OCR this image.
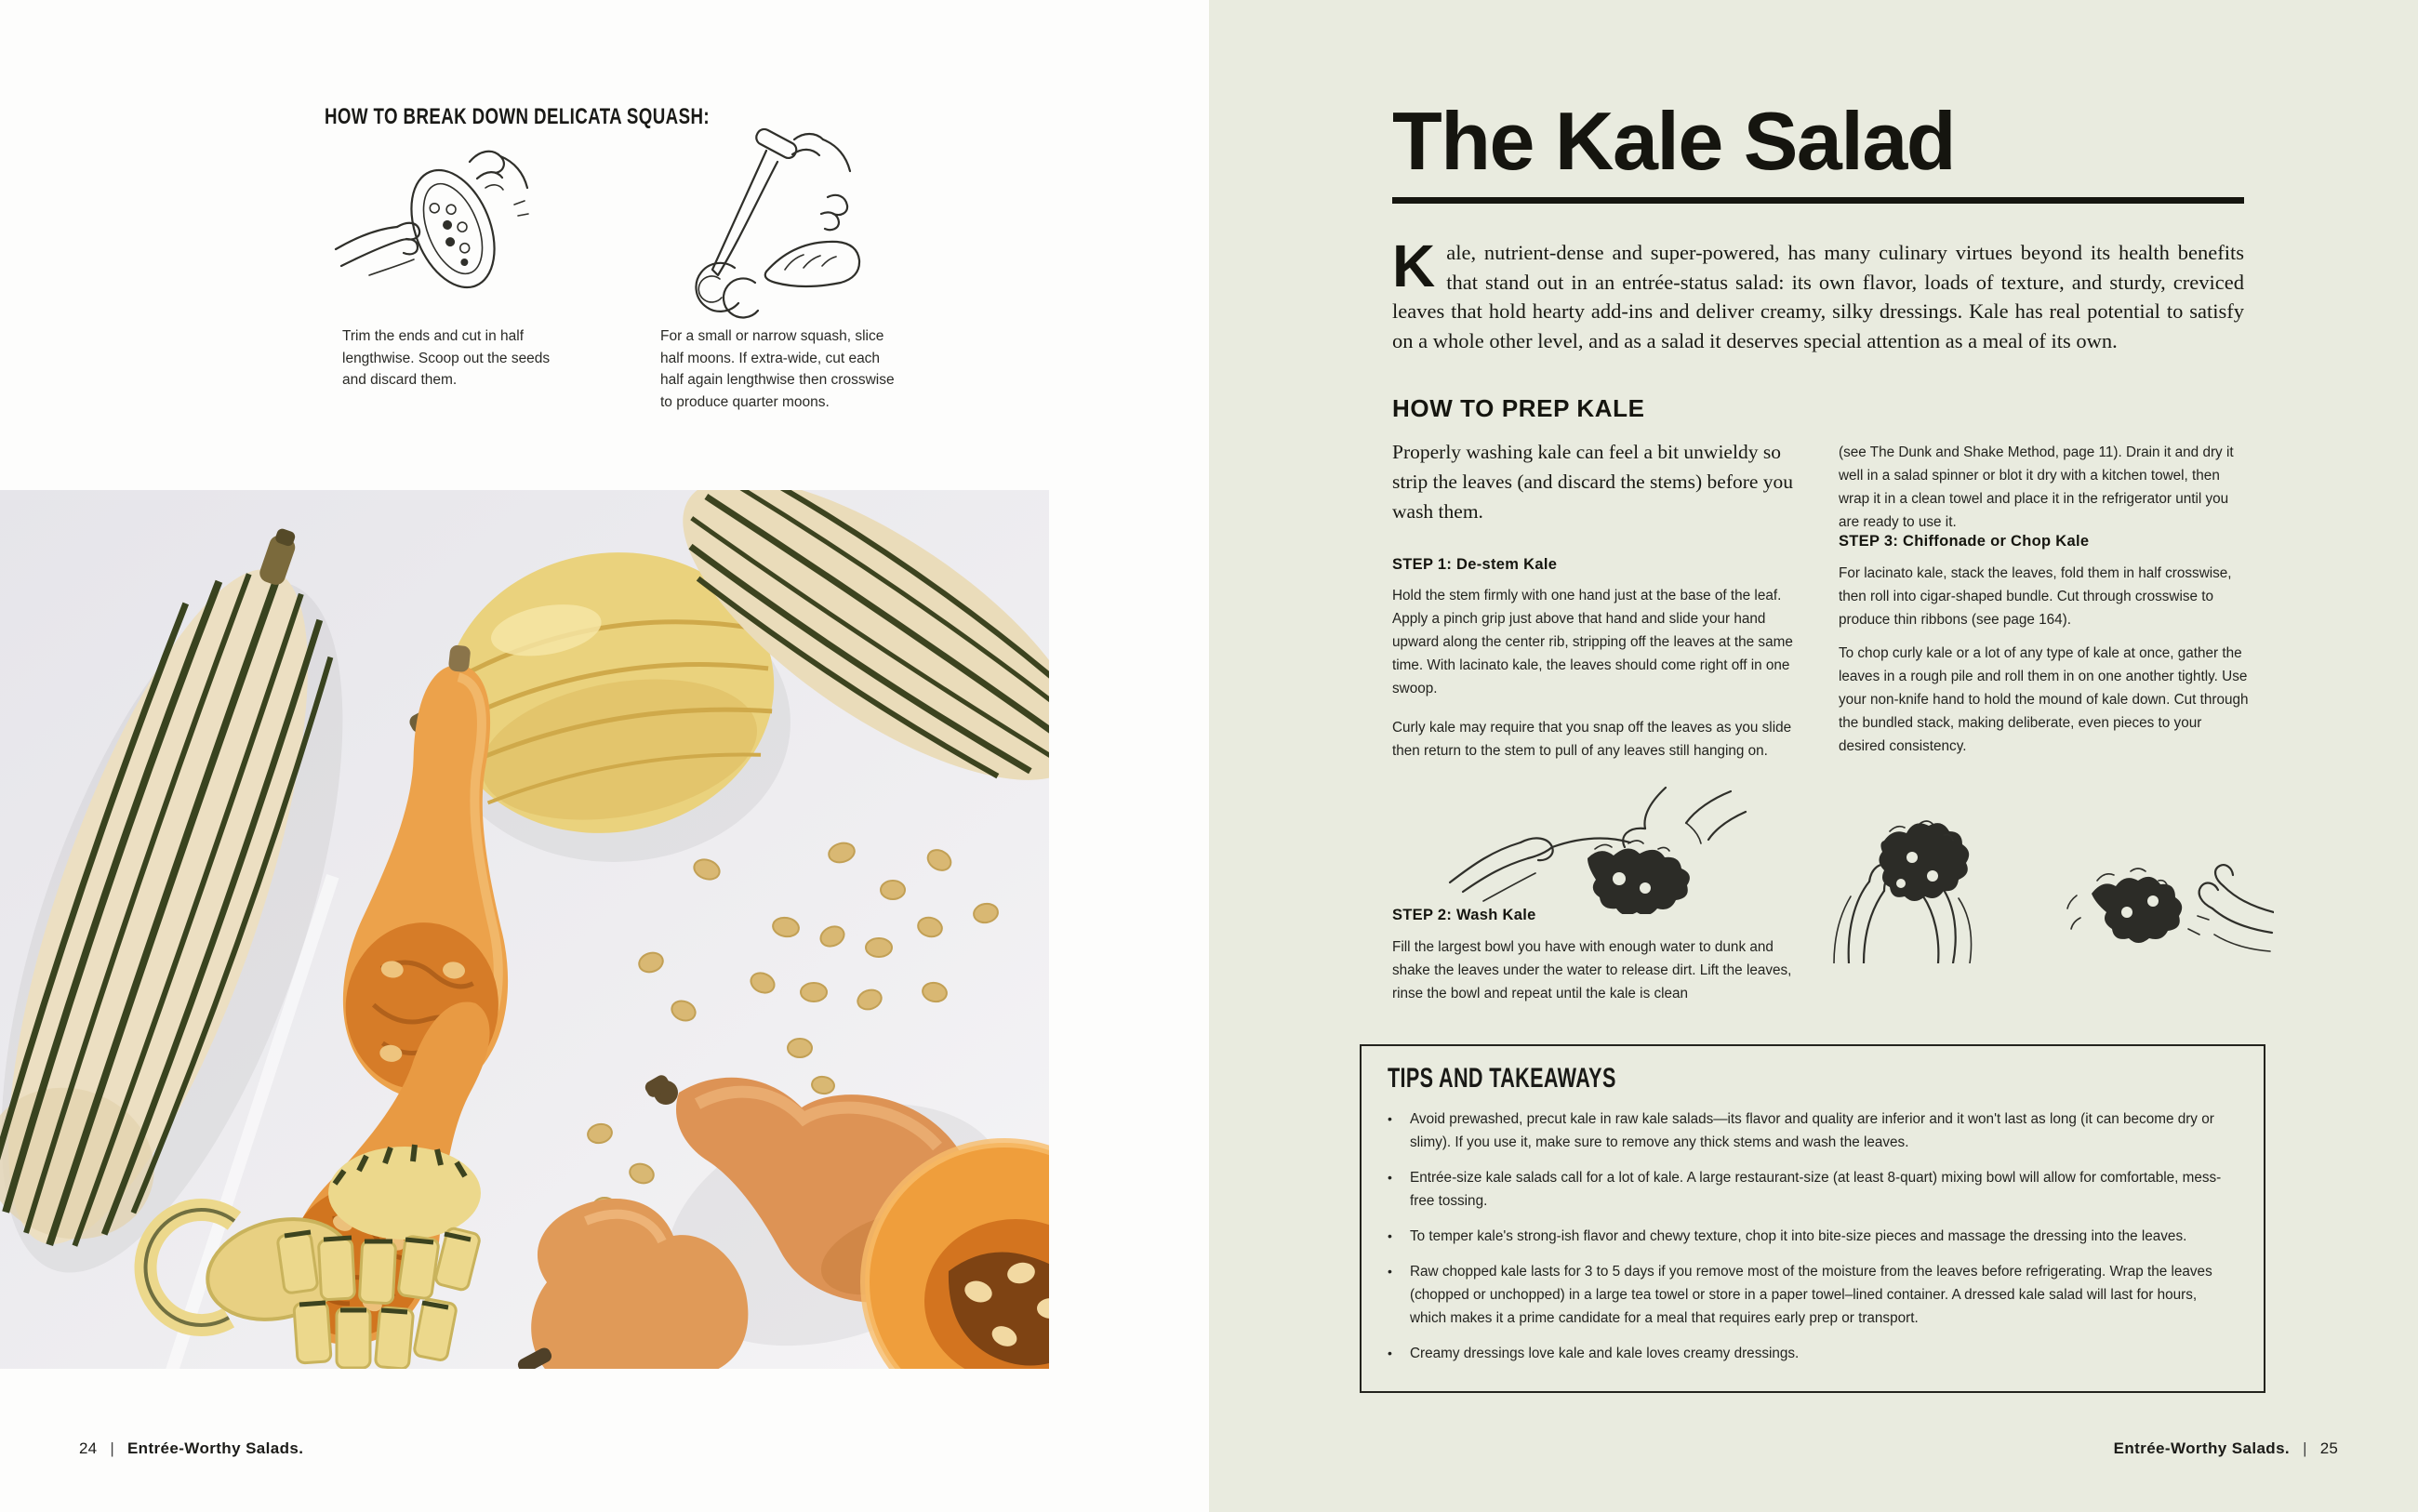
HOW TO BREAK DOWN DELICATA SQUASH:
Trim the ends and cut in half lengthwise. Scoop out the seeds and discard them.
For a small or narrow squash, slice half moons. If extra-wide, cut each half again lengthwise then crosswise to produce quarter moons.
24 | Entrée-Worthy Salads.
The Kale Salad
Kale, nutrient-dense and super-powered, has many culinary virtues beyond its health benefits that stand out in an entrée-status salad: its own flavor, loads of texture, and sturdy, creviced leaves that hold hearty add-ins and deliver creamy, silky dressings. Kale has real potential to satisfy on a whole other level, and as a salad it deserves special attention as a meal of its own.
HOW TO PREP KALE
Properly washing kale can feel a bit unwieldy so strip the leaves (and discard the stems) before you wash them.
(see The Dunk and Shake Method, page 11). Drain it and dry it well in a salad spinner or blot it dry with a kitchen towel, then wrap it in a clean towel and place it in the refrigerator until you are ready to use it.
STEP 1: De-stem Kale
Hold the stem firmly with one hand just at the base of the leaf. Apply a pinch grip just above that hand and slide your hand upward along the center rib, stripping off the leaves at the same time. With lacinato kale, the leaves should come right off in one swoop.
Curly kale may require that you snap off the leaves as you slide then return to the stem to pull of any leaves still hanging on.
STEP 2: Wash Kale
Fill the largest bowl you have with enough water to dunk and shake the leaves under the water to release dirt. Lift the leaves, rinse the bowl and repeat until the kale is clean
STEP 3: Chiffonade or Chop Kale
For lacinato kale, stack the leaves, fold them in half crosswise, then roll into cigar-shaped bundle. Cut through crosswise to produce thin ribbons (see page 164).
To chop curly kale or a lot of any type of kale at once, gather the leaves in a rough pile and roll them in on one another tightly. Use your non-knife hand to hold the mound of kale down. Cut through the bundled stack, making deliberate, even pieces to your desired consistency.
TIPS AND TAKEAWAYS
•	Avoid prewashed, precut kale in raw kale salads—its flavor and quality are inferior and it won't last as long (it can become dry or slimy). If you use it, make sure to remove any thick stems and wash the leaves.
•	Entrée-size kale salads call for a lot of kale. A large restaurant-size (at least 8-quart) mixing bowl will allow for comfortable, mess-free tossing.
•	To temper kale's strong-ish flavor and chewy texture, chop it into bite-size pieces and massage the dressing into the leaves.
•	Raw chopped kale lasts for 3 to 5 days if you remove most of the moisture from the leaves before refrigerating. Wrap the leaves (chopped or unchopped) in a large tea towel or store in a paper towel–lined container. A dressed kale salad will last for hours, which makes it a prime candidate for a meal that requires early prep or transport.
•	Creamy dressings love kale and kale loves creamy dressings.
Entrée-Worthy Salads. | 25
